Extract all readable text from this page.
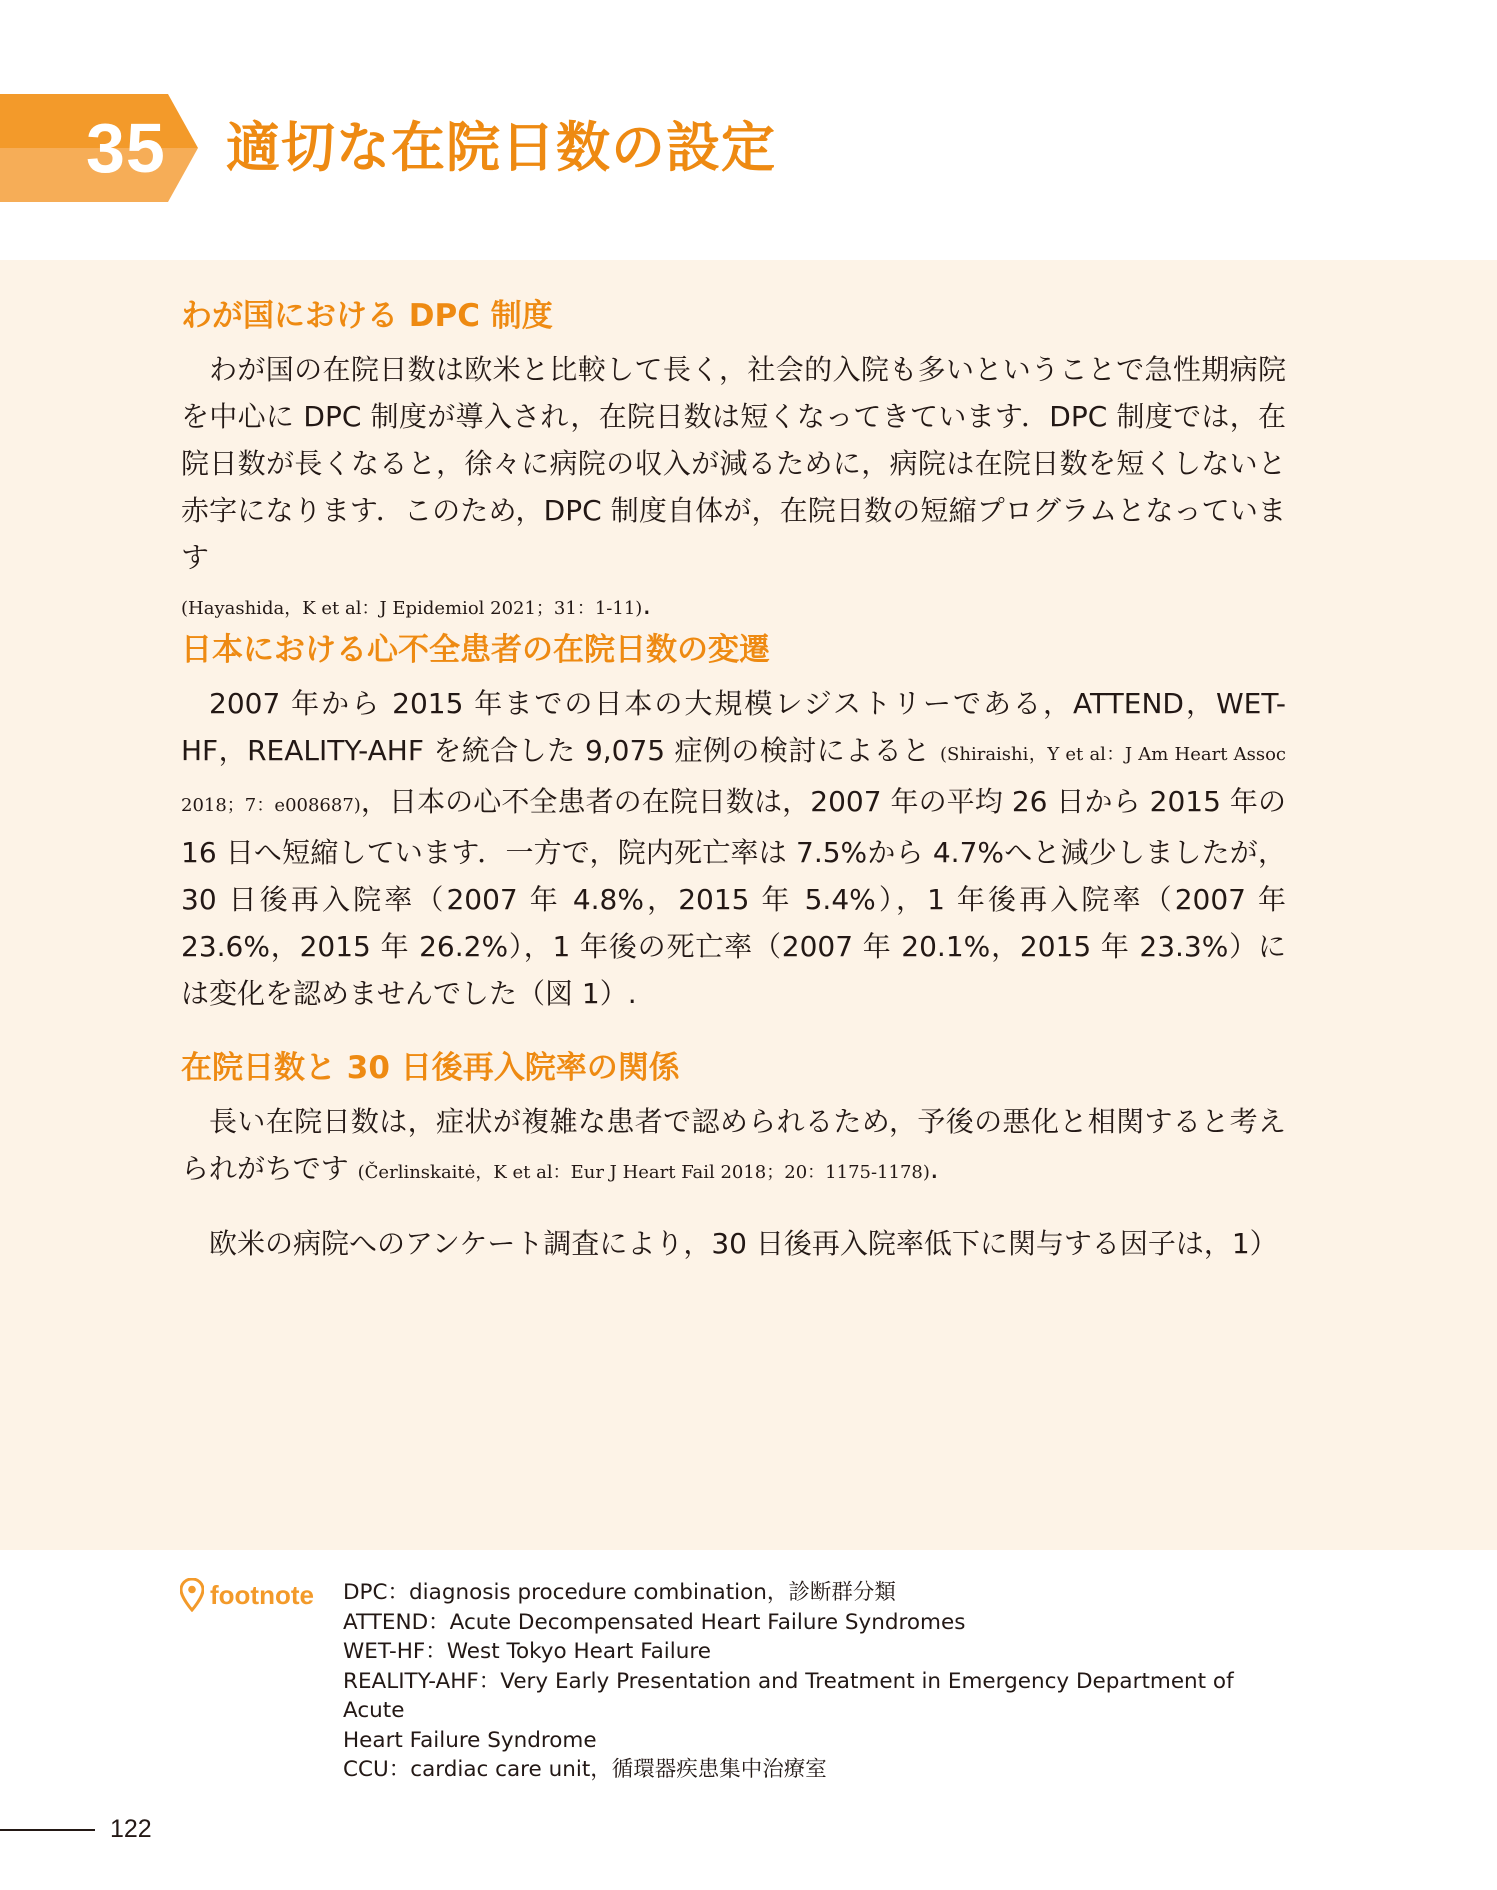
35 適切な在院日数の設定
わが国における DPC 制度

わが国の在院日数は欧米と比較して長く，社会的入院も多いということで急性期病院を中心に DPC 制度が導入され，在院日数は短くなってきています．DPC 制度では，在院日数が長くなると，徐々に病院の収入が減るために，病院は在院日数を短くしないと赤字になります．このため，DPC 制度自体が，在院日数の短縮プログラムとなっています
(Hayashida，K et al：J Epidemiol 2021；31：1-11).

日本における心不全患者の在院日数の変遷

2007 年から 2015 年までの日本の大規模レジストリーである，ATTEND，WET-HF，REALITY-AHF を統合した 9,075 症例の検討によると (Shiraishi，Y et al：J Am Heart Assoc 2018；7：e008687)，日本の心不全患者の在院日数は，2007 年の平均 26 日から 2015 年の 16 日へ短縮しています．一方で，院内死亡率は 7.5%から 4.7%へと減少しましたが，30 日後再入院率（2007 年 4.8%，2015 年 5.4%），1 年後再入院率（2007 年 23.6%，2015 年 26.2%），1 年後の死亡率（2007 年 20.1%，2015 年 23.3%）には変化を認めませんでした（図 1）.

在院日数と 30 日後再入院率の関係

長い在院日数は，症状が複雑な患者で認められるため，予後の悪化と相関すると考えられがちです (Čerlinskaitė，K et al：Eur J Heart Fail 2018；20：1175-1178).

欧米の病院へのアンケート調査により，30 日後再入院率低下に関与する因子は，1）

footnote DPC：diagnosis procedure combination，診断群分類
ATTEND：Acute Decompensated Heart Failure Syndromes
WET-HF：West Tokyo Heart Failure
REALITY-AHF：Very Early Presentation and Treatment in Emergency Department of Acute
Heart Failure Syndrome
CCU：cardiac care unit，循環器疾患集中治療室
122
